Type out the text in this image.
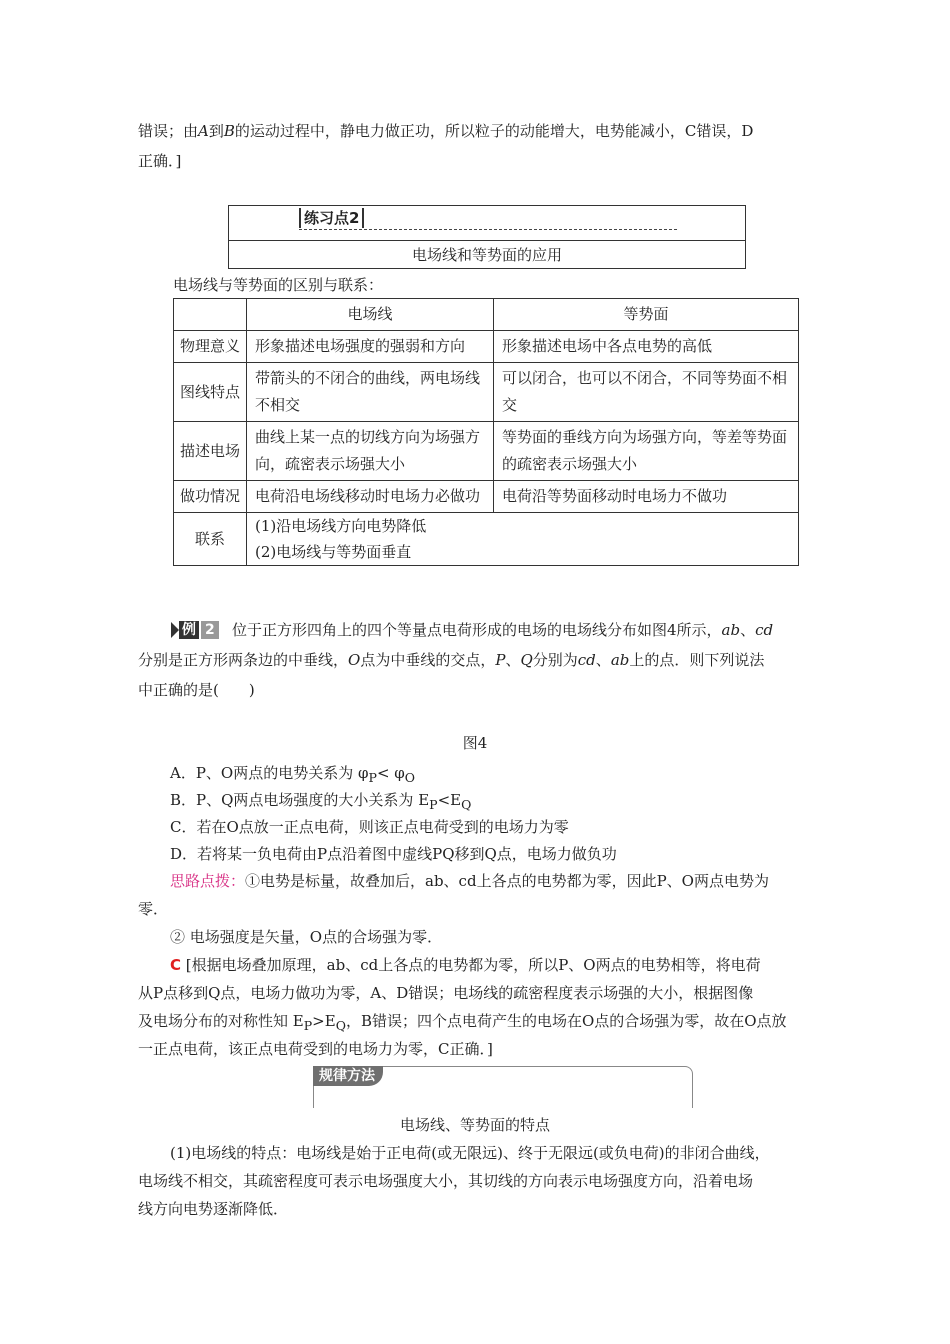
错误；由A到B的运动过程中，静电力做正功，所以粒子的动能增大，电势能减小，C错误，D
正确．]
练习点2
电场线和等势面的应用
电场线与等势面的区别与联系：
	电场线	等势面
物理意义	形象描述电场强度的强弱和方向	形象描述电场中各点电势的高低
图线特点	带箭头的不闭合的曲线，两电场线不相交	可以闭合，也可以不闭合，不同等势面不相交
描述电场	曲线上某一点的切线方向为场强方向，疏密表示场强大小	等势面的垂线方向为场强方向，等差等势面的疏密表示场强大小
做功情况	电荷沿电场线移动时电场力必做功	电荷沿等势面移动时电场力不做功
联系	(1)沿电场线方向电势降低
(2)电场线与等势面垂直	
例 2 位于正方形四角上的四个等量点电荷形成的电场的电场线分布如图4所示，ab、cd
分别是正方形两条边的中垂线，O点为中垂线的交点，P、Q分别为cd、ab上的点．则下列说法
中正确的是(　　)
图4
A．P、O两点的电势关系为 $\varphi_P< \varphi_O$
B．P、Q两点电场强度的大小关系为 $E_P<E_Q$
C．若在O点放一正点电荷，则该正点电荷受到的电场力为零
D．若将某一负电荷由P点沿着图中虚线PQ移到Q点，电场力做负功
思路点拨：①电势是标量，故叠加后，ab、cd上各点的电势都为零，因此P、O两点电势为
零．
② 电场强度是矢量，O点的合场强为零．
C [根据电场叠加原理，ab、cd上各点的电势都为零，所以P、O两点的电势相等，将电荷
从P点移到Q点，电场力做功为零，A、D错误；电场线的疏密程度表示场强的大小，根据图像
及电场分布的对称性知 $E_P>E_Q$，B错误；四个点电荷产生的电场在O点的合场强为零，故在O点放
一正点电荷，该正点电荷受到的电场力为零，C正确．]
规律方法
电场线、等势面的特点
(1)电场线的特点：电场线是始于正电荷(或无限远)、终于无限远(或负电荷)的非闭合曲线，
电场线不相交，其疏密程度可表示电场强度大小，其切线的方向表示电场强度方向，沿着电场
线方向电势逐渐降低．
